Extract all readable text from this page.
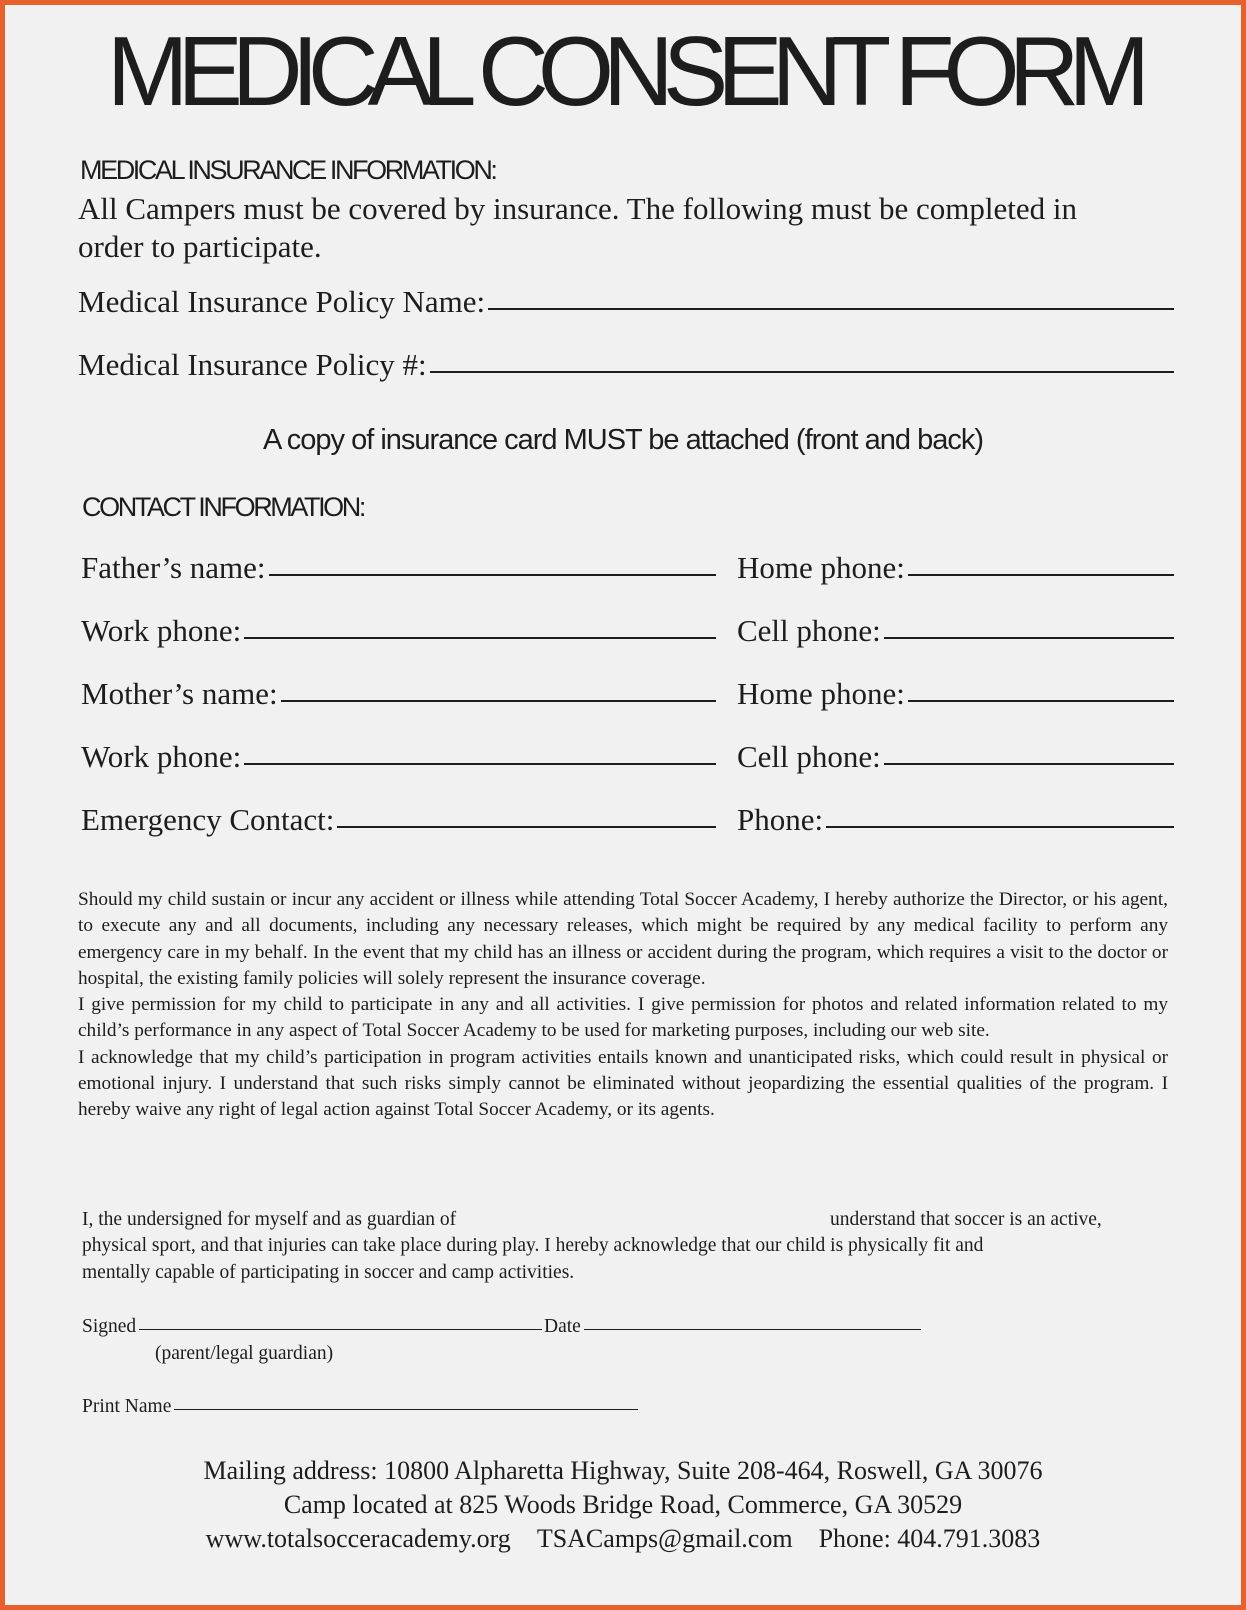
MEDICAL CONSENT FORM
MEDICAL INSURANCE INFORMATION:
All Campers must be covered by insurance. The following must be completed in
order to participate.
Medical Insurance Policy Name:
Medical Insurance Policy #:
A copy of insurance card MUST be attached (front and back)
CONTACT INFORMATION:
Father’s name:	Home phone:
Work phone:	Cell phone:
Mother’s name:	Home phone:
Work phone:	Cell phone:
Emergency Contact:	Phone:

Should my child sustain or incur any accident or illness while attending Total Soccer Academy, I hereby authorize the Director, or his agent, to execute any and all documents, including any necessary releases, which might be required by any medical facility to perform any emergency care in my behalf. In the event that my child has an illness or accident during the program, which requires a visit to the doctor or hospital, the existing family policies will solely represent the insurance coverage.

I give permission for my child to participate in any and all activities. I give permission for photos and related information related to my child’s performance in any aspect of Total Soccer Academy to be used for marketing purposes, including our web site.

I acknowledge that my child’s participation in program activities entails known and unanticipated risks, which could result in physical or emotional injury. I understand that such risks simply cannot be eliminated without jeopardizing the essential qualities of the program. I hereby waive any right of legal action against Total Soccer Academy, or its agents.

I, the undersigned for myself and as guardian of	understand that soccer is an active,
physical sport, and that injuries can take place during play. I hereby acknowledge that our child is physically fit and
mentally capable of participating in soccer and camp activities.
Signed	Date
(parent/legal guardian)
Print Name
Mailing address: 10800 Alpharetta Highway, Suite 208-464, Roswell, GA 30076
Camp located at 825 Woods Bridge Road, Commerce, GA 30529
www.totalsocceracademy.org TSACamps@gmail.com Phone: 404.791.3083
